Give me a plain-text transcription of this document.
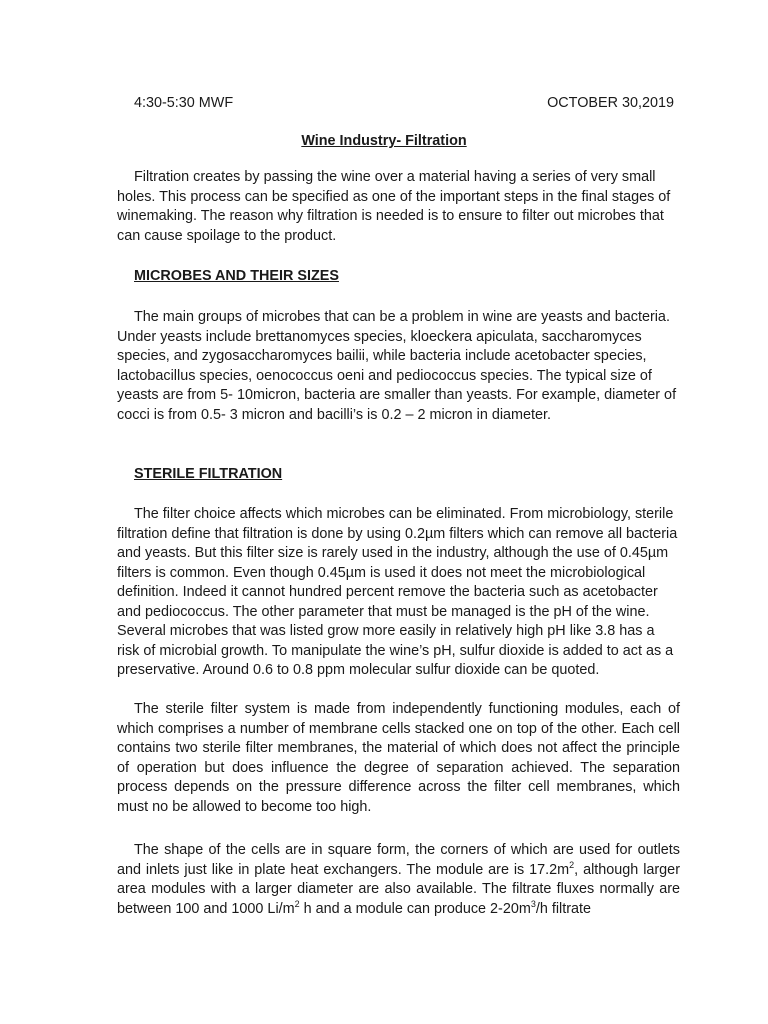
4:30-5:30 MWF	OCTOBER 30,2019
Wine Industry- Filtration

Filtration creates by passing the wine over a material having a series of very small holes. This process can be specified as one of the important steps in the final stages of winemaking. The reason why filtration is needed is to ensure to filter out microbes that can cause spoilage to the product.

MICROBES AND THEIR SIZES

The main groups of microbes that can be a problem in wine are yeasts and bacteria. Under yeasts include brettanomyces species, kloeckera apiculata, saccharomyces species, and zygosaccharomyces bailii, while bacteria include acetobacter species, lactobacillus species, oenococcus oeni and pediococcus species. The typical size of yeasts are from 5- 10micron, bacteria are smaller than yeasts. For example, diameter of cocci is from 0.5- 3 micron and bacilli’s is 0.2 – 2 micron in diameter.

STERILE FILTRATION

The filter choice affects which microbes can be eliminated. From microbiology, sterile filtration define that filtration is done by using 0.2µm filters which can remove all bacteria and yeasts. But this filter size is rarely used in the industry, although the use of 0.45µm filters is common. Even though 0.45µm is used it does not meet the microbiological definition. Indeed it cannot hundred percent remove the bacteria such as acetobacter and pediococcus. The other parameter that must be managed is the pH of the wine. Several microbes that was listed grow more easily in relatively high pH like 3.8 has a risk of microbial growth. To manipulate the wine’s pH, sulfur dioxide is added to act as a preservative. Around 0.6 to 0.8 ppm molecular sulfur dioxide can be quoted.

The sterile filter system is made from independently functioning modules, each of which comprises a number of membrane cells stacked one on top of the other. Each cell contains two sterile filter membranes, the material of which does not affect the principle of operation but does influence the degree of separation achieved. The separation process depends on the pressure difference across the filter cell membranes, which must no be allowed to become too high.

The shape of the cells are in square form, the corners of which are used for outlets and inlets just like in plate heat exchangers. The module are is $17.2m^2$, although larger area modules with a larger diameter are also available. The filtrate fluxes normally are between 100 and 1000 $Li/m^2$ h and a module can produce $2-20m^3/h$ filtrate
